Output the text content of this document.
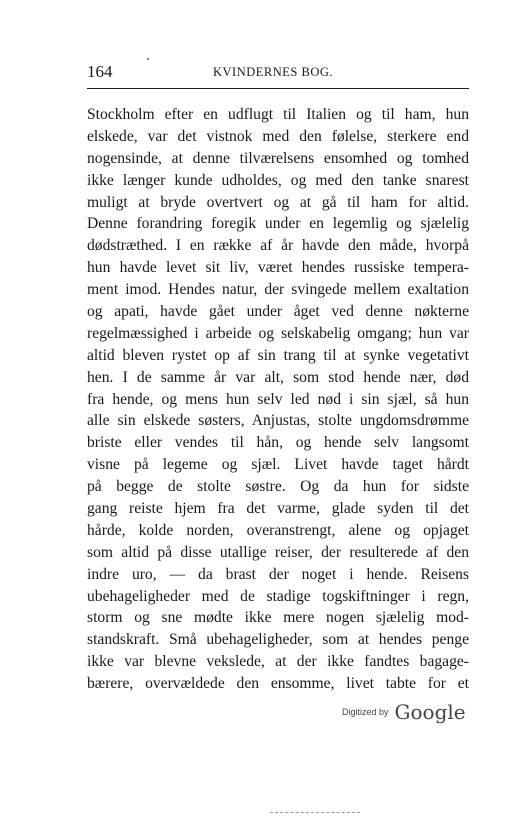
164	KVINDERNES BOG.
Stockholm efter en udflugt til Italien og til ham, hun
elskede, var det vistnok med den følelse, sterkere end
nogensinde, at denne tilværelsens ensomhed og tomhed
ikke længer kunde udholdes, og med den tanke snarest
muligt at bryde overtvert og at gå til ham for altid.
Denne forandring foregik under en legemlig og sjælelig
dødstræthed. I en række af år havde den måde, hvorpå
hun havde levet sit liv, været hendes russiske tempera-
ment imod. Hendes natur, der svingede mellem exaltation
og apati, havde gået under åget ved denne nøkterne
regelmæssighed i arbeide og selskabelig omgang; hun var
altid bleven rystet op af sin trang til at synke vegetativt
hen. I de samme år var alt, som stod hende nær, død
fra hende, og mens hun selv led nød i sin sjæl, så hun
alle sin elskede søsters, Anjustas, stolte ungdomsdrømme
briste eller vendes til hån, og hende selv langsomt
visne på legeme og sjæl. Livet havde taget hårdt
på begge de stolte søstre. Og da hun for sidste
gang reiste hjem fra det varme, glade syden til det
hårde, kolde norden, overanstrengt, alene og opjaget
som altid på disse utallige reiser, der resulterede af den
indre uro, — da brast der noget i hende. Reisens
ubehageligheder med de stadige togskiftninger i regn,
storm og sne mødte ikke mere nogen sjælelig mod-
standskraft. Små ubehageligheder, som at hendes penge
ikke var blevne vekslede, at der ikke fandtes bagage-
bærere, overvældede den ensomme, livet tabte for et
Digitized by Google
